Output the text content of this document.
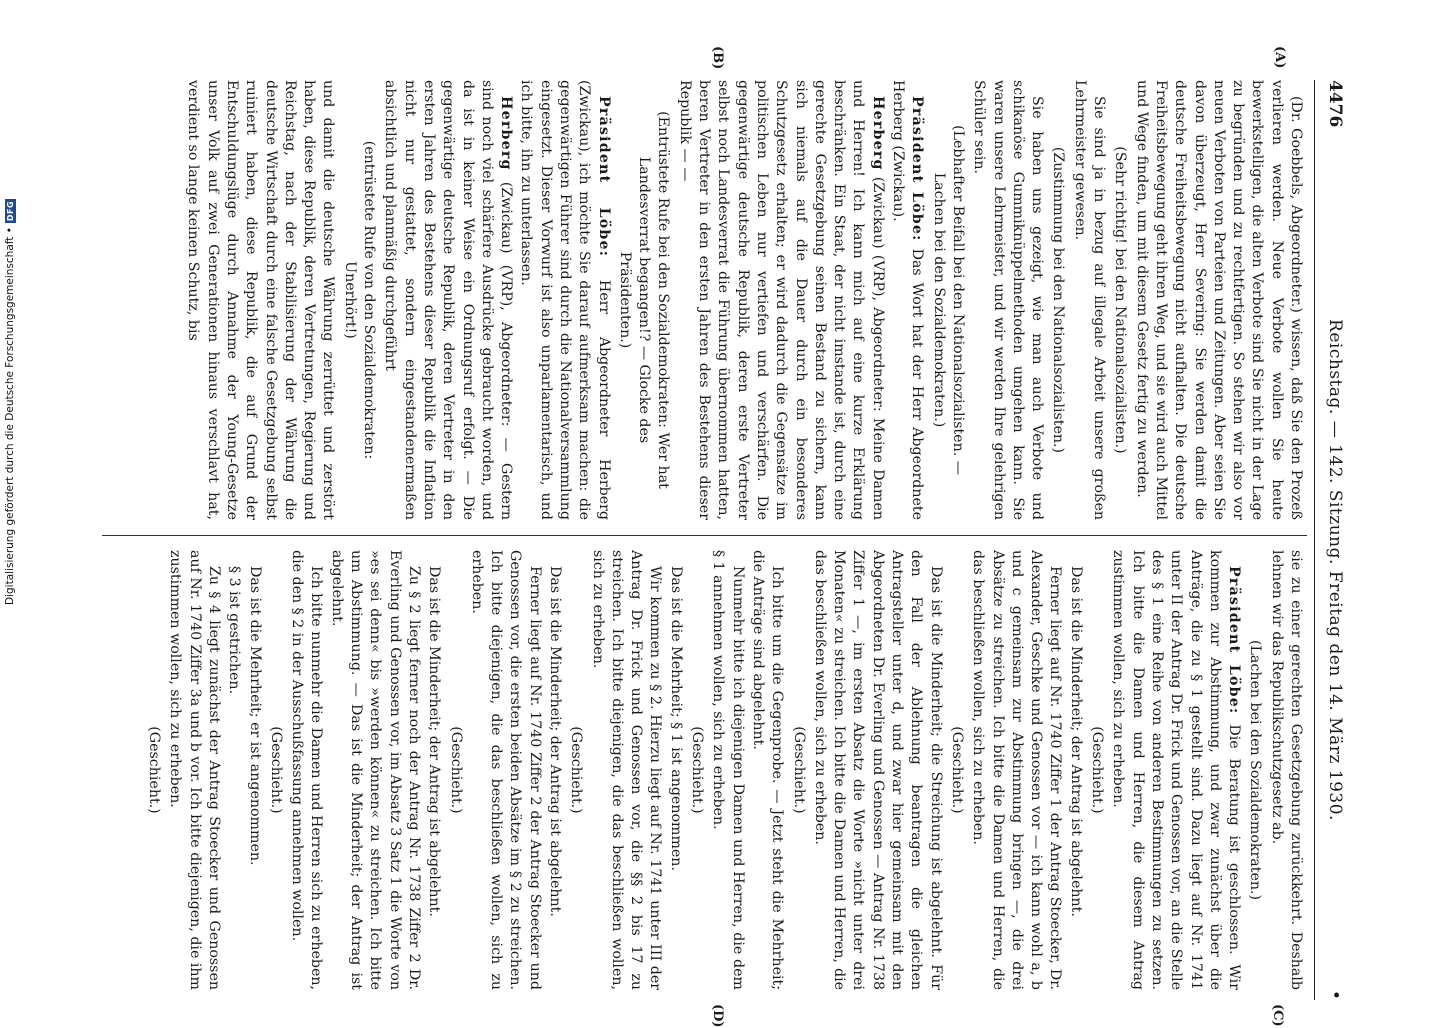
4476
Reichstag. — 142. Sitzung. Freitag den 14. März 1930.
•

(Dr. Goebbels, Abgeordneter.) wissen, daß Sie den Prozeß verlieren werden. Neue Verbote wollen Sie heute bewerkstelligen, die alten Verbote sind Sie nicht in der Lage zu begründen und zu rechtfertigen. So stehen wir also vor neuen Verboten von Parteien und Zeitungen. Aber seien Sie davon überzeugt, Herr Severing: Sie werden damit die deutsche Freiheitsbewegung nicht aufhalten. Die deutsche Freiheitsbewegung geht ihren Weg, und sie wird auch Mittel und Wege finden, um mit diesem Gesetz fertig zu werden.

(Sehr richtig! bei den Nationalsozialisten.)

Sie sind ja in bezug auf illegale Arbeit unsere großen Lehrmeister gewesen.

(Zustimmung bei den Nationalsozialisten.)

Sie haben uns gezeigt, wie man auch Verbote und schikanöse Gummiknüppelmethoden umgehen kann. Sie waren unsere Lehrmeister, und wir werden Ihre gelehrigen Schüler sein.

(Lebhafter Beifall bei den Nationalsozialisten. — Lachen bei den Sozialdemokraten.)

Präsident Löbe: Das Wort hat der Herr Abgeordnete Herberg (Zwickau).

Herberg (Zwickau) (VRP), Abgeordneter: Meine Damen und Herren! Ich kann mich auf eine kurze Erklärung beschränken. Ein Staat, der nicht imstande ist, durch eine gerechte Gesetzgebung seinen Bestand zu sichern, kann sich niemals auf die Dauer durch ein besonderes Schutzgesetz erhalten; er wird dadurch die Gegensätze im politischen Leben nur vertiefen und verschärfen. Die gegenwärtige deutsche Republik, deren erste Vertreter selbst noch Landesverrat die Führung übernommen hatten, beren Vertreter in den ersten Jahren des Bestehens dieser Republik — —

(Entrüstete Rufe bei den Sozialdemokraten: Wer hat Landesverrat begangen!? — Glocke des Präsidenten.)

Präsident Löbe: Herr Abgeordneter Herberg (Zwickau), ich möchte Sie darauf aufmerksam machen: die gegenwärtigen Führer sind durch die Nationalversammlung eingesetzt. Dieser Vorwurf ist also unparlamentarisch, und ich bitte, ihn zu unterlassen.

Herberg (Zwickau) (VRP), Abgeordneter: — Gestern sind noch viel schärfere Ausdrücke gebraucht worden, und da ist in keiner Weise ein Ordnungsruf erfolgt. — Die gegenwärtige deutsche Republik, deren Vertreter in den ersten Jahren des Bestehens dieser Republik die Inflation nicht nur gestattet, sondern eingestandenermaßen absichtlich und planmäßig durchgeführt

(entrüstete Rufe von den Sozialdemokraten: Unerhört!)

und damit die deutsche Währung zerrüttet und zerstört haben, diese Republik, deren Vertretungen, Regierung und Reichstag, nach der Stabilisierung der Währung die deutsche Wirtschaft durch eine falsche Gesetzgebung selbst ruiniert haben, diese Republik, die auf Grund der Entschuldungslüge durch Annahme der Young-Gesetze unser Volk auf zwei Generationen hinaus verschlavt hat, verdient so lange keinen Schutz, bis

sie zu einer gerechten Gesetzgebung zurückkehrt. Deshalb lehnen wir das Republikschutzgesetz ab.

(Lachen bei den Sozialdemokraten.)

Präsident Löbe: Die Beratung ist geschlossen. Wir kommen zur Abstimmung, und zwar zunächst über die Anträge, die zu § 1 gestellt sind. Dazu liegt auf Nr. 1741 unter II der Antrag Dr. Frick und Genossen vor, an die Stelle des § 1 eine Reihe von anderen Bestimmungen zu setzen. Ich bitte die Damen und Herren, die diesem Antrag zustimmen wollen, sich zu erheben.

(Geschieht.)

Das ist die Minderheit; der Antrag ist abgelehnt.

Ferner liegt auf Nr. 1740 Ziffer 1 der Antrag Stoecker, Dr. Alexander, Geschke und Genossen vor — ich kann wohl a, b und c gemeinsam zur Abstimmung bringen —, die drei Absätze zu streichen. Ich bitte die Damen und Herren, die das beschließen wollen, sich zu erheben.

(Geschieht.)

Das ist die Minderheit; die Streichung ist abgelehnt. Für den Fall der Ablehnung beantragen die gleichen Antragsteller unter d, und zwar hier gemeinsam mit den Abgeordneten Dr. Everling und Genossen — Antrag Nr. 1738 Ziffer 1 —, im ersten Absatz die Worte »nicht unter drei Monaten« zu streichen. Ich bitte die Damen und Herren, die das beschließen wollen, sich zu erheben.

(Geschieht.)

Ich bitte um die Gegenprobe. — Jetzt steht die Mehrheit; die Anträge sind abgelehnt.

Nunmehr bitte ich diejenigen Damen und Herren, die dem § 1 annehmen wollen, sich zu erheben.

(Geschieht.)

Das ist die Mehrheit; § 1 ist angenommen.

Wir kommen zu § 2. Hierzu liegt auf Nr. 1741 unter III der Antrag Dr. Frick und Genossen vor, die §§ 2 bis 17 zu streichen. Ich bitte diejenigen, die das beschließen wollen, sich zu erheben.

(Geschieht.)

Das ist die Minderheit; der Antrag ist abgelehnt.

Ferner liegt auf Nr. 1740 Ziffer 2 der Antrag Stoecker und Genossen vor, die ersten beiden Absätze im § 2 zu streichen. Ich bitte diejenigen, die das beschließen wollen, sich zu erheben.

(Geschieht.)

Das ist die Minderheit; der Antrag ist abgelehnt.

Zu § 2 liegt ferner noch der Antrag Nr. 1738 Ziffer 2 Dr. Everling und Genossen vor, im Absatz 3 Satz 1 die Worte von »es sei denn« bis »werden können« zu streichen. Ich bitte um Abstimmung. — Das ist die Minderheit; der Antrag ist abgelehnt.

Ich bitte nunmehr die Damen und Herren sich zu erheben, die den § 2 in der Ausschußfassung annehmen wollen.

(Geschieht.)

Das ist die Mehrheit; er ist angenommen.

§ 3 ist gestrichen.

Zu § 4 liegt zunächst der Antrag Stoecker und Genossen auf Nr. 1740 Ziffer 3a und b vor. Ich bitte diejenigen, die ihm zustimmen wollen, sich zu erheben.

(Geschieht.)

(A)
(B)
(C)
(D)
Digitalisierung gefördert durch die Deutsche Forschungsgemeinschaft •
DFG
